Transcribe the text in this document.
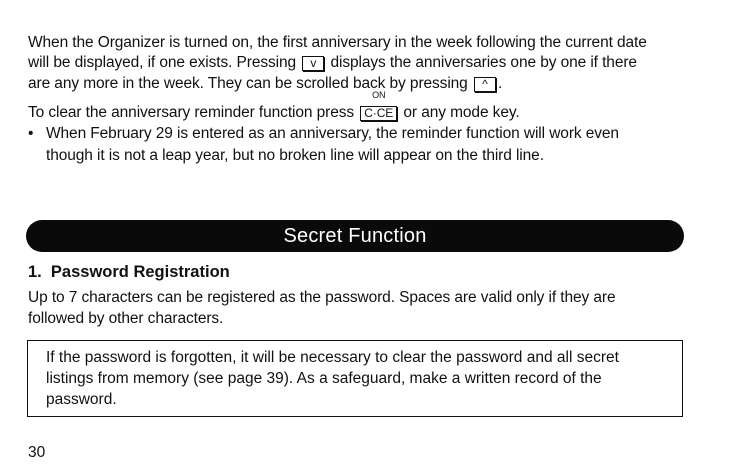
When the Organizer is turned on, the first anniversary in the week following the current date
will be displayed, if one exists. Pressing v displays the anniversaries one by one if there
are any more in the week. They can be scrolled back by pressing ^ .
To clear the anniversary reminder function press
ON
C·CE or any mode key.
• When February 29 is entered as an anniversary, the reminder function will work even
though it is not a leap year, but no broken line will appear on the third line.
Secret Function
1.  Password Registration
Up to 7 characters can be registered as the password. Spaces are valid only if they are
followed by other characters.
If the password is forgotten, it will be necessary to clear the password and all secret
listings from memory (see page 39). As a safeguard, make a written record of the
password.
30
